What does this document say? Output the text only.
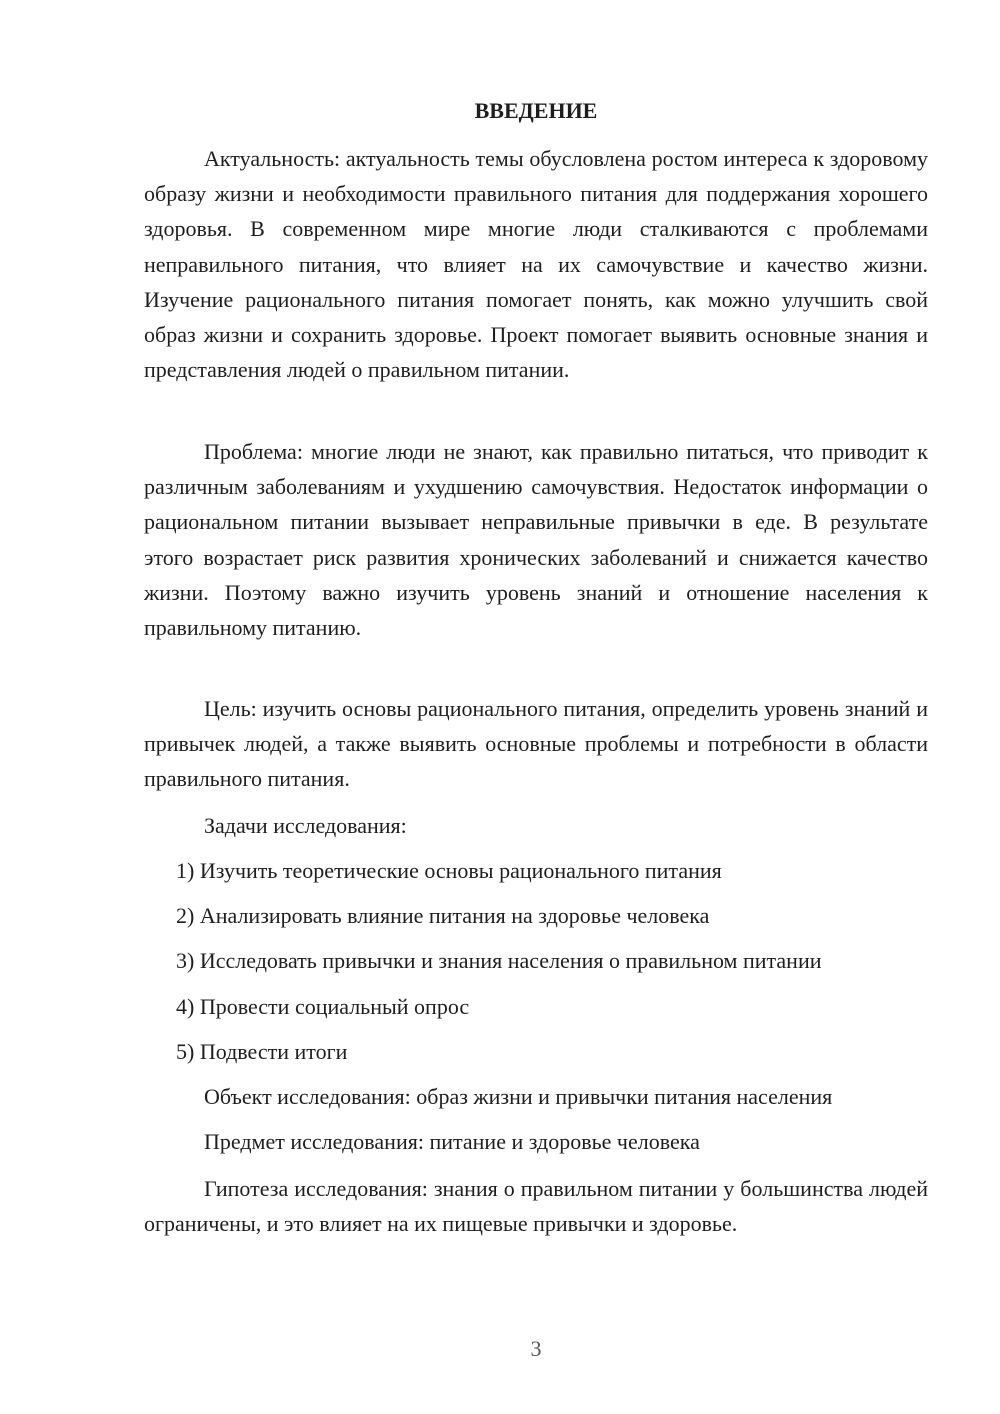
ВВЕДЕНИЕ

Актуальность: актуальность темы обусловлена ростом интереса к здоровому образу жизни и необходимости правильного питания для поддержания хорошего здоровья. В современном мире многие люди сталкиваются с проблемами неправильного питания, что влияет на их самочувствие и качество жизни. Изучение рационального питания помогает понять, как можно улучшить свой образ жизни и сохранить здоровье. Проект помогает выявить основные знания и представления людей о правильном питании.

Проблема: многие люди не знают, как правильно питаться, что приводит к различным заболеваниям и ухудшению самочувствия. Недостаток информации о рациональном питании вызывает неправильные привычки в еде. В результате этого возрастает риск развития хронических заболеваний и снижается качество жизни. Поэтому важно изучить уровень знаний и отношение населения к правильному питанию.

Цель: изучить основы рационального питания, определить уровень знаний и привычек людей, а также выявить основные проблемы и потребности в области правильного питания.

Задачи исследования:
1) Изучить теоретические основы рационального питания
2) Анализировать влияние питания на здоровье человека
3) Исследовать привычки и знания населения о правильном питании
4) Провести социальный опрос
5) Подвести итоги
Объект исследования: образ жизни и привычки питания населения
Предмет исследования: питание и здоровье человека

Гипотеза исследования: знания о правильном питании у большинства людей ограничены, и это влияет на их пищевые привычки и здоровье.

3
